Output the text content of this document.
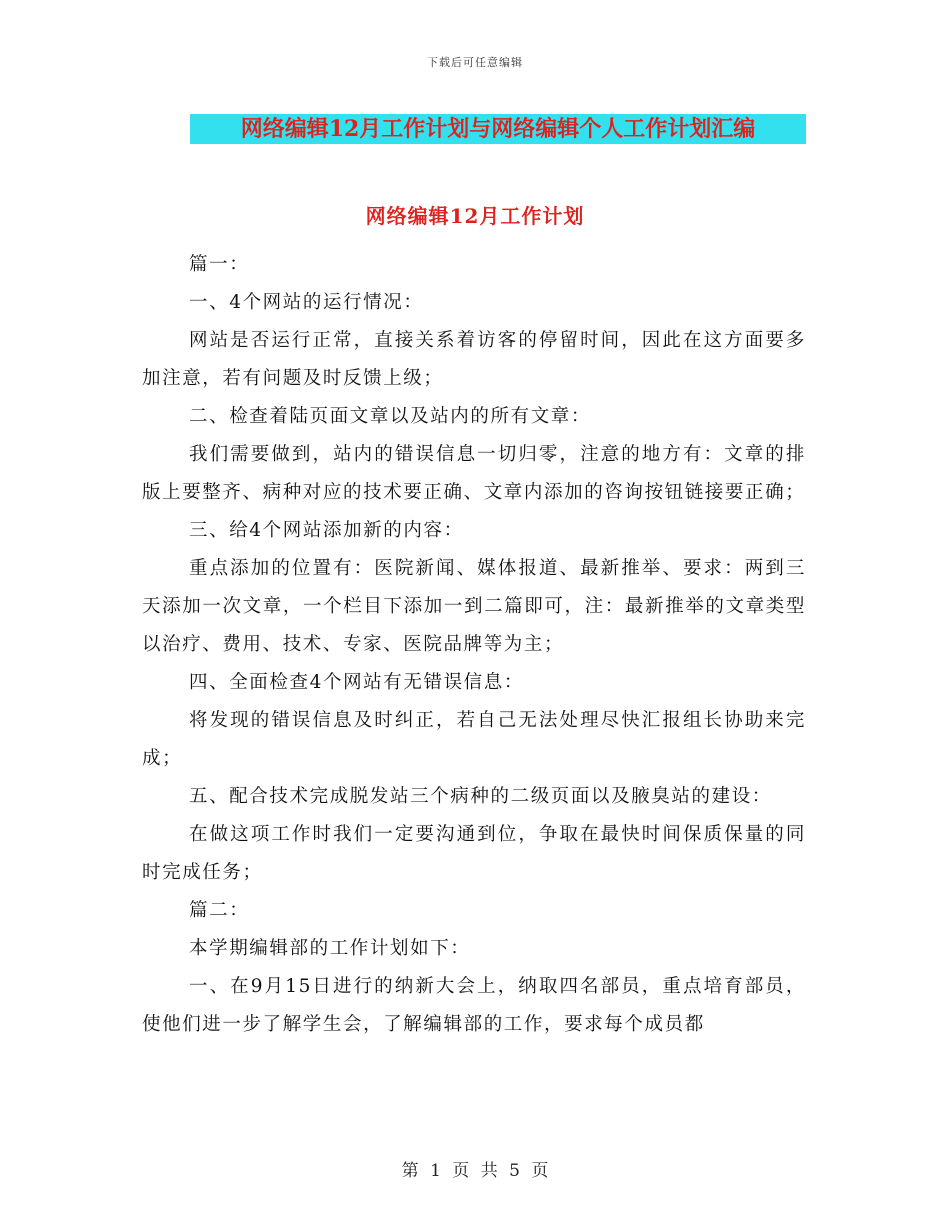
下载后可任意编辑
网络编辑12月工作计划与网络编辑个人工作计划汇编
网络编辑12月工作计划

篇一：

一、4个网站的运行情况：

网站是否运行正常，直接关系着访客的停留时间，因此在这方面要多加注意，若有问题及时反馈上级；

二、检查着陆页面文章以及站内的所有文章：

我们需要做到，站内的错误信息一切归零，注意的地方有：文章的排版上要整齐、病种对应的技术要正确、文章内添加的咨询按钮链接要正确；

三、给4个网站添加新的内容：

重点添加的位置有：医院新闻、媒体报道、最新推举、要求：两到三天添加一次文章，一个栏目下添加一到二篇即可，注：最新推举的文章类型以治疗、费用、技术、专家、医院品牌等为主；

四、全面检查4个网站有无错误信息：

将发现的错误信息及时纠正，若自己无法处理尽快汇报组长协助来完成；

五、配合技术完成脱发站三个病种的二级页面以及腋臭站的建设：

在做这项工作时我们一定要沟通到位，争取在最快时间保质保量的同时完成任务；

篇二：

本学期编辑部的工作计划如下：

一、在9月15日进行的纳新大会上，纳取四名部员，重点培育部员，使他们进一步了解学生会，了解编辑部的工作，要求每个成员都

第 1 页 共 5 页
